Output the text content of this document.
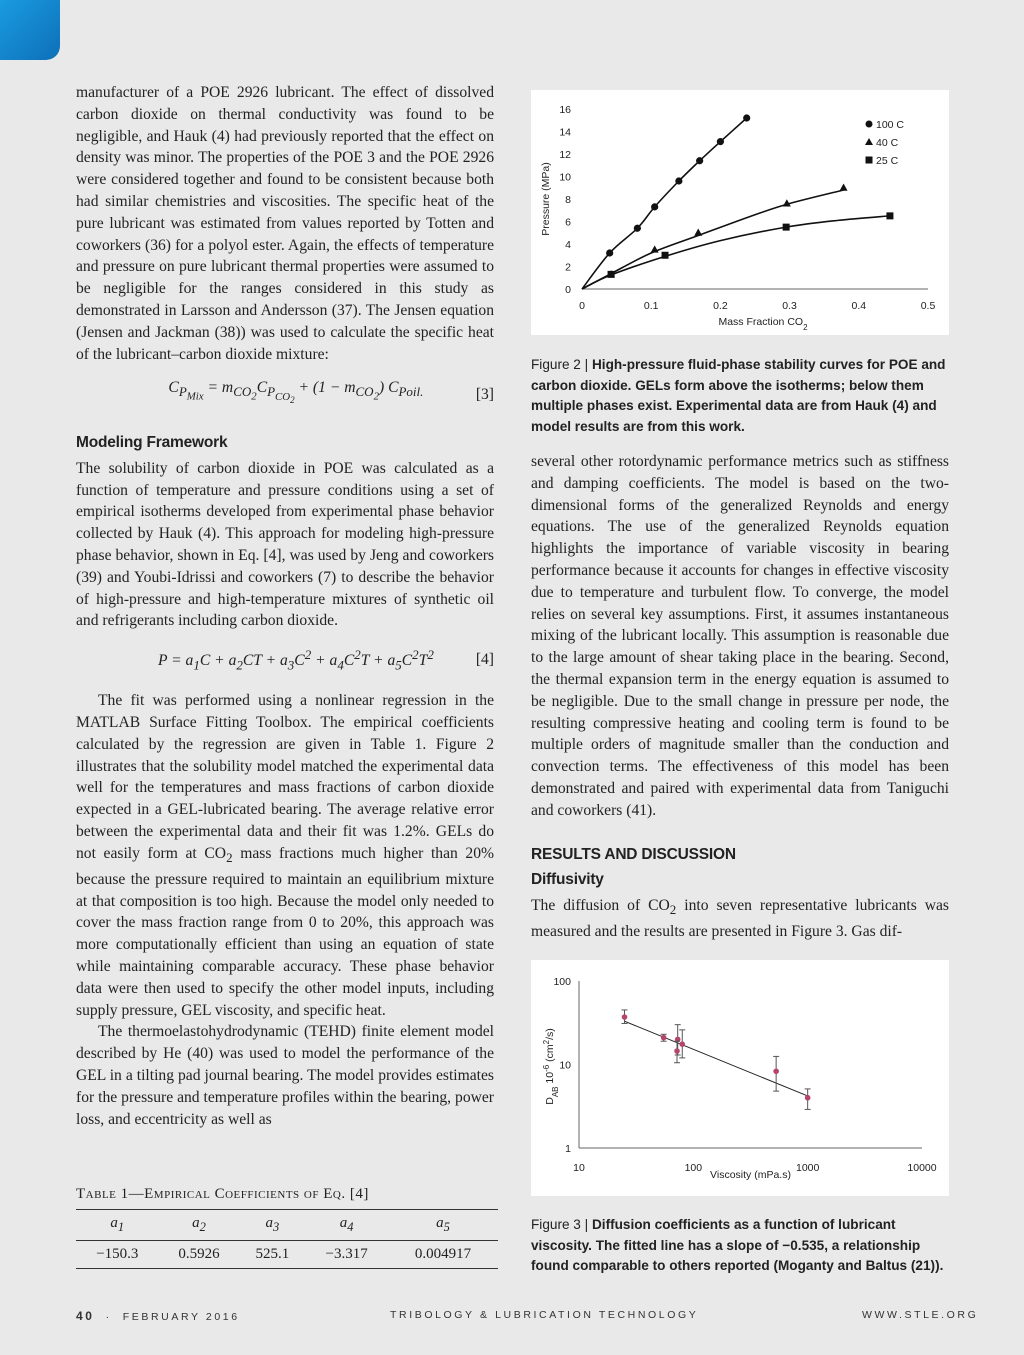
manufacturer of a POE 2926 lubricant. The effect of dissolved carbon dioxide on thermal conductivity was found to be negligible, and Hauk (4) had previously reported that the effect on density was minor. The properties of the POE 3 and the POE 2926 were considered together and found to be consistent because both had similar chemistries and viscosities. The specific heat of the pure lubricant was estimated from values reported by Totten and coworkers (36) for a polyol ester. Again, the effects of temperature and pressure on pure lubricant thermal properties were assumed to be negligible for the ranges considered in this study as demonstrated in Larsson and Andersson (37). The Jensen equation (Jensen and Jackman (38)) was used to calculate the specific heat of the lubricant–carbon dioxide mixture:

$C_{P_{Mix}} = m_{CO_2}C_{P_{CO_2}} + (1 - m_{CO_2})$ $C_{Poil.}$	[3]
Modeling Framework

The solubility of carbon dioxide in POE was calculated as a function of temperature and pressure conditions using a set of empirical isotherms developed from experimental phase behavior collected by Hauk (4). This approach for modeling high-pressure phase behavior, shown in Eq. [4], was used by Jeng and coworkers (39) and Youbi-Idrissi and coworkers (7) to describe the behavior of high-pressure and high-temperature mixtures of synthetic oil and refrigerants including carbon dioxide.

$P = a_1C + a_2CT + a_3C^2 + a_4C^2T + a_5C^2T^2$	[4]

The fit was performed using a nonlinear regression in the MATLAB Surface Fitting Toolbox. The empirical coefficients calculated by the regression are given in Table 1. Figure 2 illustrates that the solubility model matched the experimental data well for the temperatures and mass fractions of carbon dioxide expected in a GEL-lubricated bearing. The average relative error between the experimental data and their fit was 1.2%. GELs do not easily form at $CO_2$ mass fractions much higher than 20% because the pressure required to maintain an equilibrium mixture at that composition is too high. Because the model only needed to cover the mass fraction range from 0 to 20%, this approach was more computationally efficient than using an equation of state while maintaining comparable accuracy. These phase behavior data were then used to specify the other model inputs, including supply pressure, GEL viscosity, and specific heat.

The thermoelastohydrodynamic (TEHD) finite element model described by He (40) was used to model the performance of the GEL in a tilting pad journal bearing. The model provides estimates for the pressure and temperature profiles within the bearing, power loss, and eccentricity as well as

0
2
4
6
8
10
12
14
16
0	0.1	0.2	0.3	0.4	0.5
Mass Fraction $CO_2$
Pressure (MPa)
100 C
40 C
25 C
Figure 2 | High-pressure fluid-phase stability curves for POE and carbon dioxide. GELs form above the isotherms; below them multiple phases exist. Experimental data are from Hauk (4) and model results are from this work.

several other rotordynamic performance metrics such as stiffness and damping coefficients. The model is based on the two-dimensional forms of the generalized Reynolds and energy equations. The use of the generalized Reynolds equation highlights the importance of variable viscosity in bearing performance because it accounts for changes in effective viscosity due to temperature and turbulent flow. To converge, the model relies on several key assumptions. First, it assumes instantaneous mixing of the lubricant locally. This assumption is reasonable due to the large amount of shear taking place in the bearing. Second, the thermal expansion term in the energy equation is assumed to be negligible. Due to the small change in pressure per node, the resulting compressive heating and cooling term is found to be multiple orders of magnitude smaller than the conduction and convection terms. The effectiveness of this model has been demonstrated and paired with experimental data from Taniguchi and coworkers (41).

RESULTS AND DISCUSSION
Diffusivity

The diffusion of $CO_2$ into seven representative lubricants was measured and the results are presented in Figure 3. Gas dif-

1
10
100
10	100	1000	10000
Viscosity (mPa.s)
$D_{AB}$ $10^{-6}$ $(cm^2/s)$
Figure 3 | Diffusion coefficients as a function of lubricant viscosity. The fitted line has a slope of −0.535, a relationship found comparable to others reported (Moganty and Baltus (21)).
Table 1—Empirical Coefficients of Eq. [4]
$a_1$	$a_2$	$a_3$	$a_4$	$a_5$
−150.3	0.5926	525.1	−3.317	0.004917
40 · FEBRUARY 2016	TRIBOLOGY & LUBRICATION TECHNOLOGY	WWW.STLE.ORG
